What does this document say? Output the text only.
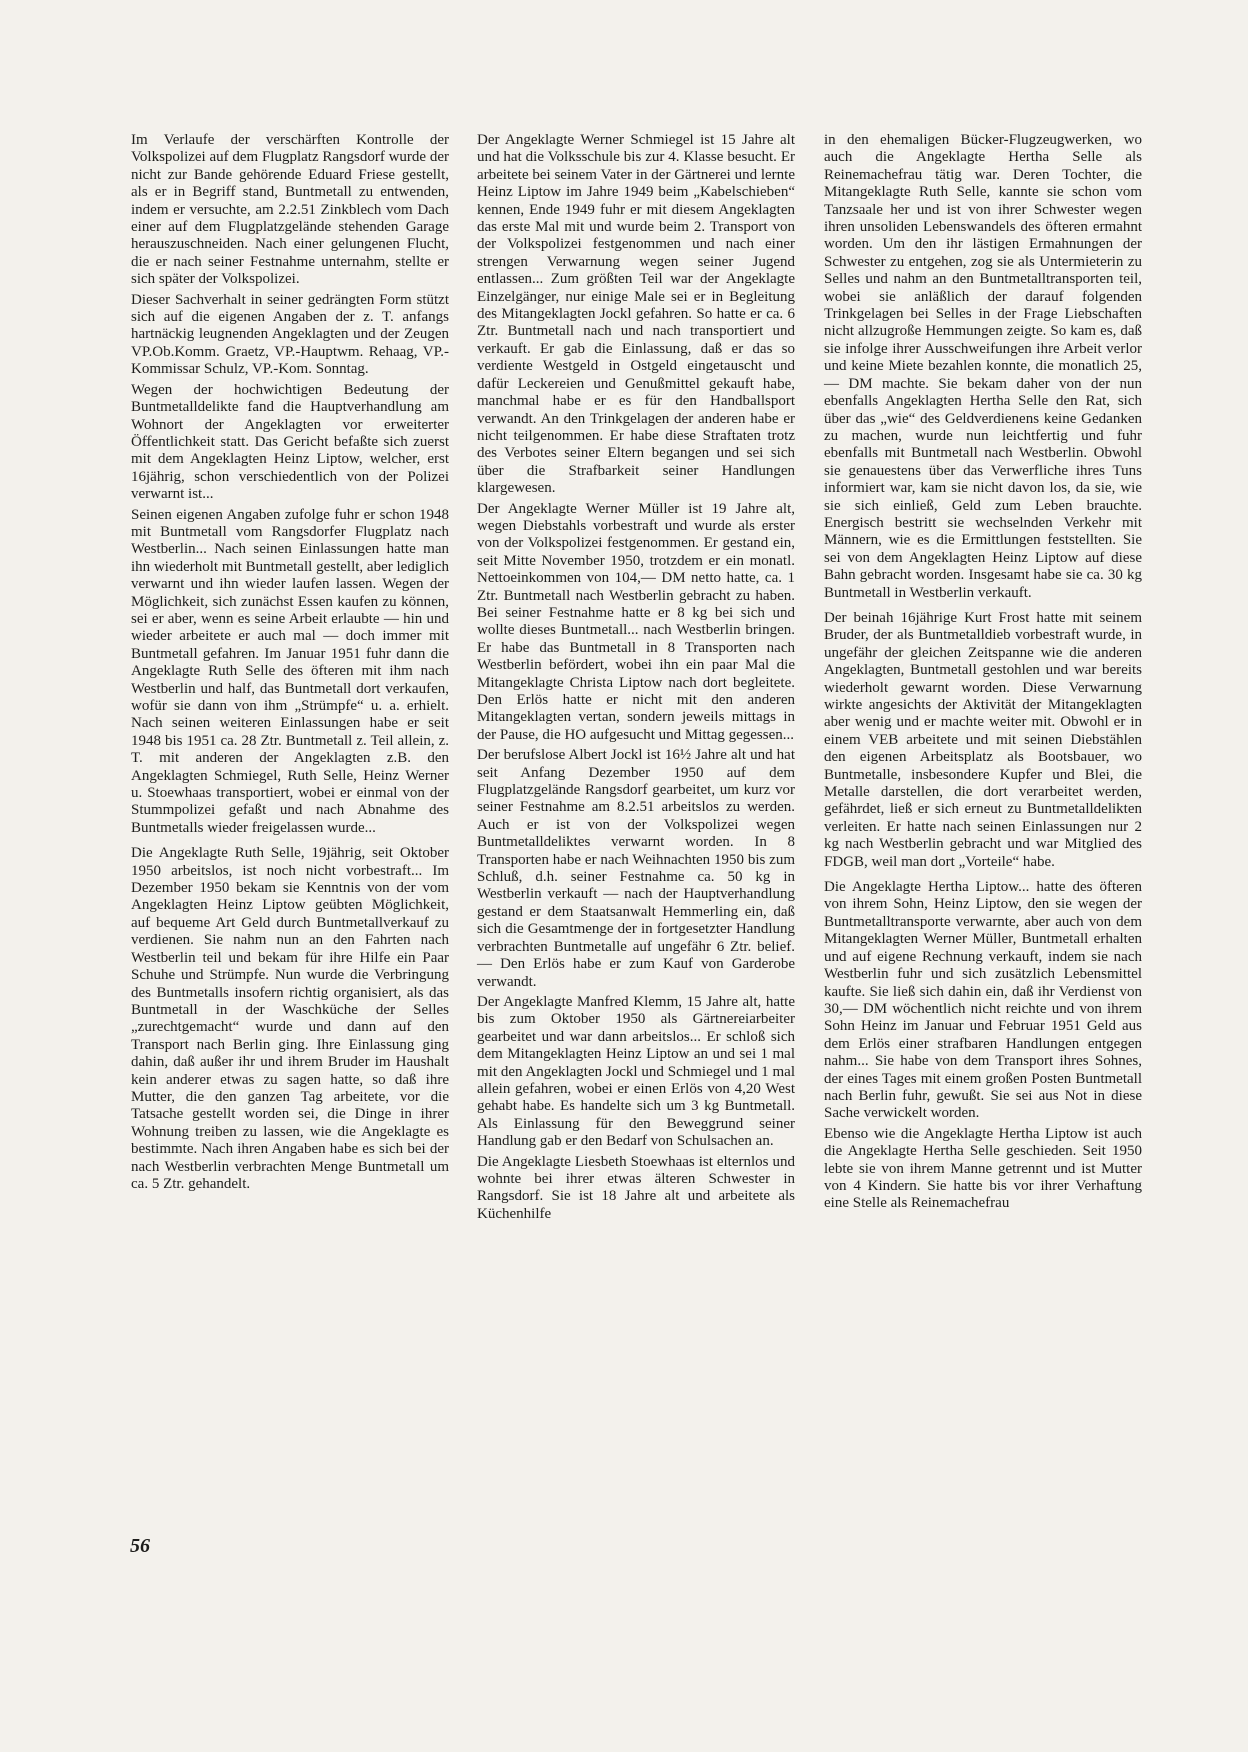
Im Verlaufe der verschärften Kontrolle der Volkspolizei auf dem Flugplatz Rangsdorf wurde der nicht zur Bande gehörende Eduard Friese gestellt, als er in Begriff stand, Buntmetall zu entwenden, indem er versuchte, am 2.2.51 Zinkblech vom Dach einer auf dem Flugplatzgelände stehenden Garage herauszuschneiden. Nach einer gelungenen Flucht, die er nach seiner Festnahme unternahm, stellte er sich später der Volkspolizei.

Dieser Sachverhalt in seiner gedrängten Form stützt sich auf die eigenen Angaben der z. T. anfangs hartnäckig leugnenden Angeklagten und der Zeugen VP.Ob.Komm. Graetz, VP.-Hauptwm. Rehaag, VP.-Kommissar Schulz, VP.-Kom. Sonntag.

Wegen der hochwichtigen Bedeutung der Buntmetalldelikte fand die Hauptverhandlung am Wohnort der Angeklagten vor erweiterter Öffentlichkeit statt. Das Gericht befaßte sich zuerst mit dem Angeklagten Heinz Liptow, welcher, erst 16jährig, schon verschiedentlich von der Polizei verwarnt ist...

Seinen eigenen Angaben zufolge fuhr er schon 1948 mit Buntmetall vom Rangsdorfer Flugplatz nach Westberlin... Nach seinen Einlassungen hatte man ihn wiederholt mit Buntmetall gestellt, aber lediglich verwarnt und ihn wieder laufen lassen. Wegen der Möglichkeit, sich zunächst Essen kaufen zu können, sei er aber, wenn es seine Arbeit erlaubte — hin und wieder arbeitete er auch mal — doch immer mit Buntmetall gefahren. Im Januar 1951 fuhr dann die Angeklagte Ruth Selle des öfteren mit ihm nach Westberlin und half, das Buntmetall dort verkaufen, wofür sie dann von ihm „Strümpfe“ u. a. erhielt. Nach seinen weiteren Einlassungen habe er seit 1948 bis 1951 ca. 28 Ztr. Buntmetall z. Teil allein, z. T. mit anderen der Angeklagten z.B. den Angeklagten Schmiegel, Ruth Selle, Heinz Werner u. Stoewhaas transportiert, wobei er einmal von der Stummpolizei gefaßt und nach Abnahme des Buntmetalls wieder freigelassen wurde...

Die Angeklagte Ruth Selle, 19jährig, seit Oktober 1950 arbeitslos, ist noch nicht vorbestraft... Im Dezember 1950 bekam sie Kenntnis von der vom Angeklagten Heinz Liptow geübten Möglichkeit, auf bequeme Art Geld durch Buntmetallverkauf zu verdienen. Sie nahm nun an den Fahrten nach Westberlin teil und bekam für ihre Hilfe ein Paar Schuhe und Strümpfe. Nun wurde die Verbringung des Buntmetalls insofern richtig organisiert, als das Buntmetall in der Waschküche der Selles „zurechtgemacht“ wurde und dann auf den Transport nach Berlin ging. Ihre Einlassung ging dahin, daß außer ihr und ihrem Bruder im Haushalt kein anderer etwas zu sagen hatte, so daß ihre Mutter, die den ganzen Tag arbeitete, vor die Tatsache gestellt worden sei, die Dinge in ihrer Wohnung treiben zu lassen, wie die Angeklagte es bestimmte. Nach ihren Angaben habe es sich bei der nach Westberlin verbrachten Menge Buntmetall um ca. 5 Ztr. gehandelt.

Der Angeklagte Werner Schmiegel ist 15 Jahre alt und hat die Volksschule bis zur 4. Klasse besucht. Er arbeitete bei seinem Vater in der Gärtnerei und lernte Heinz Liptow im Jahre 1949 beim „Kabelschieben“ kennen, Ende 1949 fuhr er mit diesem Angeklagten das erste Mal mit und wurde beim 2. Transport von der Volkspolizei festgenommen und nach einer strengen Verwarnung wegen seiner Jugend entlassen... Zum größten Teil war der Angeklagte Einzelgänger, nur einige Male sei er in Begleitung des Mitangeklagten Jockl gefahren. So hatte er ca. 6 Ztr. Buntmetall nach und nach transportiert und verkauft. Er gab die Einlassung, daß er das so verdiente Westgeld in Ostgeld eingetauscht und dafür Leckereien und Genußmittel gekauft habe, manchmal habe er es für den Handballsport verwandt. An den Trinkgelagen der anderen habe er nicht teilgenommen. Er habe diese Straftaten trotz des Verbotes seiner Eltern begangen und sei sich über die Strafbarkeit seiner Handlungen klargewesen.

Der Angeklagte Werner Müller ist 19 Jahre alt, wegen Diebstahls vorbestraft und wurde als erster von der Volkspolizei festgenommen. Er gestand ein, seit Mitte November 1950, trotzdem er ein monatl. Nettoeinkommen von 104,— DM netto hatte, ca. 1 Ztr. Buntmetall nach Westberlin gebracht zu haben. Bei seiner Festnahme hatte er 8 kg bei sich und wollte dieses Buntmetall... nach Westberlin bringen. Er habe das Buntmetall in 8 Transporten nach Westberlin befördert, wobei ihn ein paar Mal die Mitangeklagte Christa Liptow nach dort begleitete. Den Erlös hatte er nicht mit den anderen Mitangeklagten vertan, sondern jeweils mittags in der Pause, die HO aufgesucht und Mittag gegessen...

Der berufslose Albert Jockl ist 16½ Jahre alt und hat seit Anfang Dezember 1950 auf dem Flugplatzgelände Rangsdorf gearbeitet, um kurz vor seiner Festnahme am 8.2.51 arbeitslos zu werden. Auch er ist von der Volkspolizei wegen Buntmetalldeliktes verwarnt worden. In 8 Transporten habe er nach Weihnachten 1950 bis zum Schluß, d.h. seiner Festnahme ca. 50 kg in Westberlin verkauft — nach der Hauptverhandlung gestand er dem Staatsanwalt Hemmerling ein, daß sich die Gesamtmenge der in fortgesetzter Handlung verbrachten Buntmetalle auf ungefähr 6 Ztr. belief. — Den Erlös habe er zum Kauf von Garderobe verwandt.

Der Angeklagte Manfred Klemm, 15 Jahre alt, hatte bis zum Oktober 1950 als Gärtnereiarbeiter gearbeitet und war dann arbeitslos... Er schloß sich dem Mitangeklagten Heinz Liptow an und sei 1 mal mit den Angeklagten Jockl und Schmiegel und 1 mal allein gefahren, wobei er einen Erlös von 4,20 West gehabt habe. Es handelte sich um 3 kg Buntmetall. Als Einlassung für den Beweggrund seiner Handlung gab er den Bedarf von Schulsachen an.

Die Angeklagte Liesbeth Stoewhaas ist elternlos und wohnte bei ihrer etwas älteren Schwester in Rangsdorf. Sie ist 18 Jahre alt und arbeitete als Küchenhilfe

in den ehemaligen Bücker-Flugzeugwerken, wo auch die Angeklagte Hertha Selle als Reinemachefrau tätig war. Deren Tochter, die Mitangeklagte Ruth Selle, kannte sie schon vom Tanzsaale her und ist von ihrer Schwester wegen ihren unsoliden Lebenswandels des öfteren ermahnt worden. Um den ihr lästigen Ermahnungen der Schwester zu entgehen, zog sie als Untermieterin zu Selles und nahm an den Buntmetalltransporten teil, wobei sie anläßlich der darauf folgenden Trinkgelagen bei Selles in der Frage Liebschaften nicht allzugroße Hemmungen zeigte. So kam es, daß sie infolge ihrer Ausschweifungen ihre Arbeit verlor und keine Miete bezahlen konnte, die monatlich 25,— DM machte. Sie bekam daher von der nun ebenfalls Angeklagten Hertha Selle den Rat, sich über das „wie“ des Geldverdienens keine Gedanken zu machen, wurde nun leichtfertig und fuhr ebenfalls mit Buntmetall nach Westberlin. Obwohl sie genauestens über das Verwerfliche ihres Tuns informiert war, kam sie nicht davon los, da sie, wie sie sich einließ, Geld zum Leben brauchte. Energisch bestritt sie wechselnden Verkehr mit Männern, wie es die Ermittlungen feststellten. Sie sei von dem Angeklagten Heinz Liptow auf diese Bahn gebracht worden. Insgesamt habe sie ca. 30 kg Buntmetall in Westberlin verkauft.

Der beinah 16jährige Kurt Frost hatte mit seinem Bruder, der als Buntmetalldieb vorbestraft wurde, in ungefähr der gleichen Zeitspanne wie die anderen Angeklagten, Buntmetall gestohlen und war bereits wiederholt gewarnt worden. Diese Verwarnung wirkte angesichts der Aktivität der Mitangeklagten aber wenig und er machte weiter mit. Obwohl er in einem VEB arbeitete und mit seinen Diebstählen den eigenen Arbeitsplatz als Bootsbauer, wo Buntmetalle, insbesondere Kupfer und Blei, die Metalle darstellen, die dort verarbeitet werden, gefährdet, ließ er sich erneut zu Buntmetalldelikten verleiten. Er hatte nach seinen Einlassungen nur 2 kg nach Westberlin gebracht und war Mitglied des FDGB, weil man dort „Vorteile“ habe.

Die Angeklagte Hertha Liptow... hatte des öfteren von ihrem Sohn, Heinz Liptow, den sie wegen der Buntmetalltransporte verwarnte, aber auch von dem Mitangeklagten Werner Müller, Buntmetall erhalten und auf eigene Rechnung verkauft, indem sie nach Westberlin fuhr und sich zusätzlich Lebensmittel kaufte. Sie ließ sich dahin ein, daß ihr Verdienst von 30,— DM wöchentlich nicht reichte und von ihrem Sohn Heinz im Januar und Februar 1951 Geld aus dem Erlös einer strafbaren Handlungen entgegen nahm... Sie habe von dem Transport ihres Sohnes, der eines Tages mit einem großen Posten Buntmetall nach Berlin fuhr, gewußt. Sie sei aus Not in diese Sache verwickelt worden.

Ebenso wie die Angeklagte Hertha Liptow ist auch die Angeklagte Hertha Selle geschieden. Seit 1950 lebte sie von ihrem Manne getrennt und ist Mutter von 4 Kindern. Sie hatte bis vor ihrer Verhaftung eine Stelle als Reinemachefrau

56
